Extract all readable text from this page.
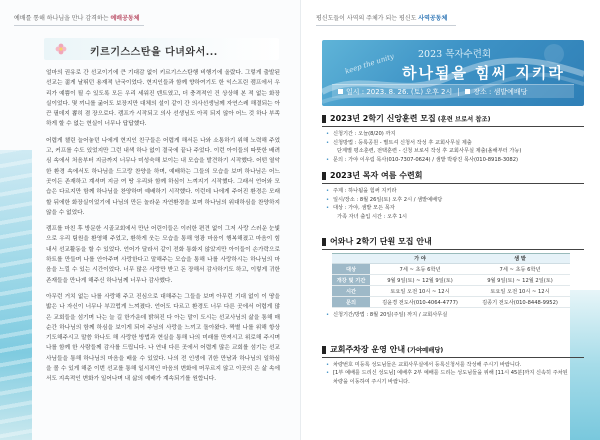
예배를 통해 하나님을 만나 감격하는 예배공동체
키르기스스탄을 다녀와서...

얼마의 권유로 간 선교이기에 큰 기대감 없이 키르기스스탄행 비행기에 올랐다. 그렇게 출발된 선교는 젊게 날뛰던 용재적 난국이었다. 현지인들과 함께 향하여기도 한 익스프린 캠프에서 우리가 예쁨이 될 수 있도록 모든 우리 세워진 덴트였고, 더 충격적인 건 상상해 본 적 없는 화장실이었다. 몇 끼니를 굶어도 보장지만 대체의 설이 같이 간 의사선생님께 자연스레 해결되는 아끈 필데지 뽑히 겸 장으로다. 캠프가 시작되고 의사 선생님도 아직 되지 않아 어느 것 하나 부족하게 할 수 없는 현실이 너무나 답답했다.

어렵게 챌린 늘어놓던 나에게 현지인 친구들은 어렵게 해서든 나와 소통하기 위해 노력해 주었고, 커프를 수도 있었지만 그런 내색 하나 없이 결국에 끝나 주었다. 이런 아이들의 따뜻한 배려심 속에서 처음부터 지금까지 너무나 미성숙해 보이는 내 모습을 발견하기 시작했다. 어떤 열악한 환경 속에서도 하나님을 드고랑 찬양을 하며, 예배하는 그들의 모습을 보며 하나님은 어느 곳이든 존재하고 계셔며 지금 여 땅 우리와 함께 하심이 느껴지기 시작했다. 그래서 언어와 모습은 다르지만 함께 하나님을 찬양하며 예배하기 시작했다. 이런데 나에게 주어진 환경은 모래할 뒤에한 화장실이었기에 나님의 만든 놀라운 자연환경을 보며 하나님의 위대하심을 찬양하지 않을 수 없었다.

캠프를 마친 후 방문한 시골교회에서 만난 어린이들은 이러한 편견 없이 그저 사랑 스러운 눈빛으로 우리 팀원을 환영해 주었고, 환하게 웃는 모습을 통해 영광 마음이 행복해졌고 마음이 힘내서 선교활동을 할 수 있었다. 언어가 달라서 같이 전화 통화지 않았지만 아이들이 손가락으로 하트를 만들며 나를 안아주며 사랑한다고 말해주는 모습을 통해 나를 사랑하시는 하나님의 마음을 느낄 수 있는 시간이었다. 너무 많은 사랑만 받고 돈 장해서 감사하기도 하고, 이렇게 귀한 존재들을 만나게 해주신 하나님께 너무나 감사했다.

아무런 거치 없는 나를 사랑해 주고 진심으로 대해주는 그들을 보며 아무런 기대 없이 이 땅을 밟은 나 자신이 너무나 부끄럽게 느껴졌다. 언어도 다르고 환경도 너무 다른 곳에서 어렵게 많은 교회들을 섬기며 나는 늘 길 한가운데 밝혀진 다 아는 말이 도시는 선교사님의 삶을 통해 매 순간 하나님의 함께 하심을 보이게 되어 주님의 사랑을 느끼고 돌아왔다. 짝별 나를 위해 항상 기도해주시고 말씀 하나도 해 사랑한 방법과 현실을 통해 나의 미래를 만져시고 위로해 주시며 나를 함께 한 사람들께 감사를 드립니다. 나 연내 다른 곳에서 어렵게 많은 교회를 섬기는 선교사님들을 통해 하나님의 마음을 배울 수 있었다. 나의 전 인생에 귀한 만남과 하나님의 일하심을 볼 수 있게 해준 이번 선교를 통해 일시적인 마음의 변화에 머무르지 않고 이곳의 은 삶 속에서도 지속적인 변화가 일어나며 내 삶의 예배가 계속되기를 원합니다.

평신도들이 사역의 주체가 되는 평신도 사역공동체
keep the unity 2023 목자수련회
하나됨을 힘써 지키라
일시 : 2023. 8. 26. (토) 오후 2시	장소 : 샘밭예배당
2023년 2학기 신앙훈련 모집 (훈련 브로셔 참조)
• 신청기간 : 오늘(8/20) 까지
• 신청방법 : 등록공원 - 별트셔 신청서 작성 후 교회사무실 제출
단계별 평소훈련, 전택훈련 - 신청 브로셔 작성 후 교회사무실 제출(올해부터 가능)
• 문의 : 가야 이우림 목사(010-7307-0624) / 샘밭 박광진 목사(010-8918-3082)
2023년 목자 여름 수련회
• 주제 : 하나됨을 힘써 지키라
• 일시/장소 : 8월 26일(토) 오후 2시 / 샘밭예배당
• 대상 : 가야, 샘밭 모든 목자
가족 자녀 출입 시간 : 오후 1시
어와나 2학기 단원 모집 안내
	가 야	샘 밭
대상	7세 ~ 초등 6학년	7세 ~ 초등 6학년
개강 및 기간	9월 9일(토) ~ 12월 9일(토)	9월 9일(토) ~ 12월 2일(토)
시간	토요일 오전 10시 ~ 12시	토요일 오전 10시 ~ 12시
문의	김윤경 전도사(010-4064-4777)	김종기 전도사(010-8448-9952)
• 신청기간/방법 : 8월 20일(주일) 까지 / 교회사무실
교회주차장 운영 안내 (가야예배당)
• 차량번호 미등록 성도님들은 교회사무실에서 등록신청서를 작성해 주시기 바랍니다.
• [1부 예배를 드리신 성도님] 예배후 2부 예배를 드리는 성도님들을 위해 [11시 45분]까지 신속히 주차된 차량을 이동하여 주시기 바랍니다.
